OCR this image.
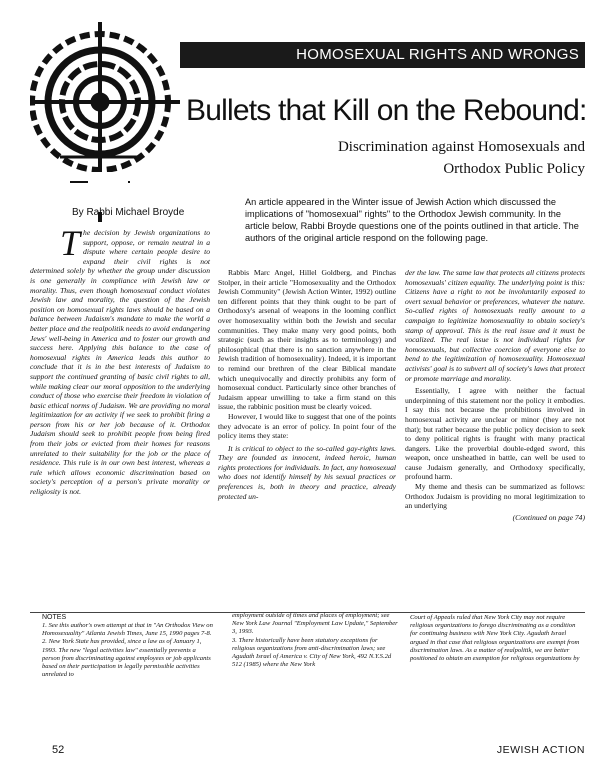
HOMOSEXUAL RIGHTS AND WRONGS
Bullets that Kill on the Rebound:
Discrimination against Homosexuals and
Orthodox Public Policy
By Rabbi Michael Broyde
An article appeared in the Winter issue of Jewish Action which discussed the implications of "homosexual" rights" to the Orthodox Jewish community. In the article below, Rabbi Broyde questions one of the points outlined in that article. The authors of the original article respond on the following page.
The decision by Jewish organizations to support, oppose, or remain neutral in a dispute where certain people desire to expand their civil rights is not determined solely by whether the group under discussion is one generally in compliance with Jewish law or morality. Thus, even though homosexual conduct violates Jewish law and morality, the question of the Jewish position on homosexual rights laws should be based on a balance between Judaism's mandate to make the world a better place and the realpolitik needs to avoid endangering Jews' well-being in America and to foster our growth and success here. Applying this balance to the case of homosexual rights in America leads this author to conclude that it is in the best interests of Judaism to support the continued granting of basic civil rights to all, while making clear our moral opposition to the underlying conduct of those who exercise their freedom in violation of basic ethical norms of Judaism. We are providing no moral legitimization for an activity if we seek to prohibit firing a person from his or her job because of it. Orthodox Judaism should seek to prohibit people from being fired from their jobs or evicted from their homes for reasons unrelated to their suitability for the job or the place of residence. This rule is in our own best interest, whereas a rule which allows economic discrimination based on society's perception of a person's private morality or religiosity is not.
Rabbis Marc Angel, Hillel Goldberg, and Pinchas Stolper, in their article "Homosexuality and the Orthodox Jewish Community" (Jewish Action Winter, 1992) outline ten different points that they think ought to be part of Orthodoxy's arsenal of weapons in the looming conflict over homosexuality within both the Jewish and secular communities. They make many very good points, both strategic (such as their insights as to terminology) and philosophical (that there is no sanction anywhere in the Jewish tradition of homosexuality). Indeed, it is important to remind our brethren of the clear Biblical mandate which unequivocally and directly prohibits any form of homosexual conduct. Particularly since other branches of Judaism appear unwilling to take a firm stand on this issue, the rabbinic position must be clearly voiced.
However, I would like to suggest that one of the points they advocate is an error of policy. In point four of the policy items they state:
It is critical to object to the so-called gay-rights laws. They are founded as innocent, indeed heroic, human rights protections for individuals. In fact, any homosexual who does not identify himself by his sexual practices or preferences is, both in theory and practice, already protected un-
der the law. The same law that protects all citizens protects homosexuals' citizen equality. The underlying point is this: Citizens have a right to not be involuntarily exposed to overt sexual behavior or preferences, whatever the nature. So-called rights of homosexuals really amount to a campaign to legitimize homosexuality to obtain society's stamp of approval. This is the real issue and it must be vocalized. The real issue is not individual rights for homosexuals, but collective coercion of everyone else to bend to the legitimization of homosexuality. Homosexual activists' goal is to subvert all of society's laws that protect or promote marriage and morality.
Essentially, I agree with neither the factual underpinning of this statement nor the policy it embodies. I say this not because the prohibitions involved in homosexual activity are unclear or minor (they are not that); but rather because the public policy decision to seek to deny political rights is fraught with many practical dangers. Like the proverbial double-edged sword, this weapon, once unsheathed in battle, can well be used to cause Judaism generally, and Orthodoxy specifically, profound harm.
My theme and thesis can be summarized as follows: Orthodox Judaism is providing no moral legitimization to an underlying
(Continued on page 74)
NOTES
1. See this author's own attempt at that in "An Orthodox View on Homosexuality" Atlanta Jewish Times, June 15, 1990 pages 7-8.
2. New York State has provided, since a law as of January 1, 1993. The new "legal activities law" essentially prevents a person from discriminating against employees or job applicants based on their participation in legally permissible activities unrelated to
employment outside of times and places of employment; see New York Law Journal "Employment Law Update," September 3, 1993.
3. There historically have been statutory exceptions for religious organizations from anti-discrimination laws; see Agudath Israel of America v. City of New York, 492 N.Y.S.2d 512 (1985) where the New York
Court of Appeals ruled that New York City may not require religious organizations to forego discriminating as a condition for continuing business with New York City. Agudath Israel argued in that case that religious organizations are exempt from discrimination laws. As a matter of realpolitik, we are better positioned to obtain an exemption for religious organizations by
52	JEWISH ACTION
